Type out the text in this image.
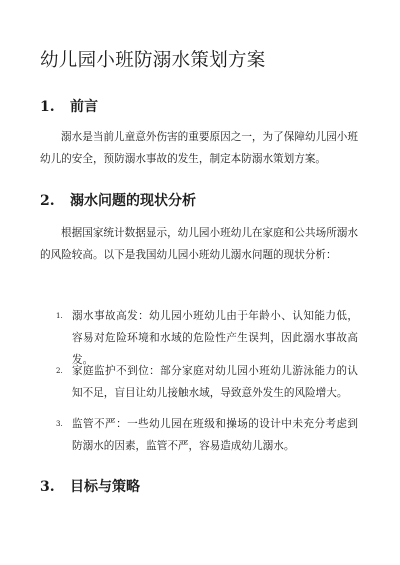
幼儿园小班防溺水策划方案
1. 前言
溺水是当前儿童意外伤害的重要原因之一，为了保障幼儿园小班幼儿的安全，预防溺水事故的发生，制定本防溺水策划方案。
2. 溺水问题的现状分析
根据国家统计数据显示，幼儿园小班幼儿在家庭和公共场所溺水的风险较高。以下是我国幼儿园小班幼儿溺水问题的现状分析：
1. 溺水事故高发：幼儿园小班幼儿由于年龄小、认知能力低，容易对危险环境和水域的危险性产生误判，因此溺水事故高发。
2. 家庭监护不到位：部分家庭对幼儿园小班幼儿游泳能力的认知不足，盲目让幼儿接触水域，导致意外发生的风险增大。
3. 监管不严：一些幼儿园在班级和操场的设计中未充分考虑到防溺水的因素，监管不严，容易造成幼儿溺水。
3. 目标与策略
